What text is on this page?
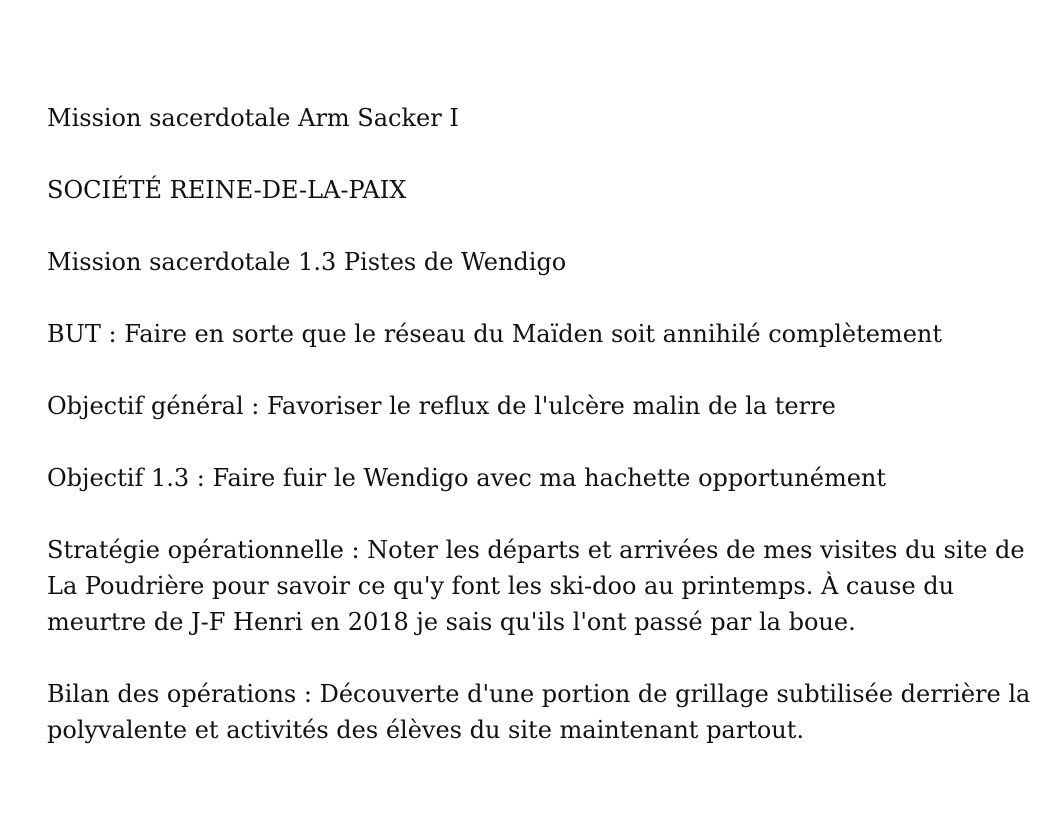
Mission sacerdotale Arm Sacker I

SOCIÉTÉ REINE-DE-LA-PAIX

Mission sacerdotale 1.3 Pistes de Wendigo

BUT : Faire en sorte que le réseau du Maïden soit annihilé complètement

Objectif général : Favoriser le reflux de l'ulcère malin de la terre

Objectif 1.3 : Faire fuir le Wendigo avec ma hachette opportunément

Stratégie opérationnelle : Noter les départs et arrivées de mes visites du site de La Poudrière pour savoir ce qu'y font les ski-doo au printemps. À cause du meurtre de J-F Henri en 2018 je sais qu'ils l'ont passé par la boue.

Bilan des opérations : Découverte d'une portion de grillage subtilisée derrière la polyvalente et activités des élèves du site maintenant partout.
